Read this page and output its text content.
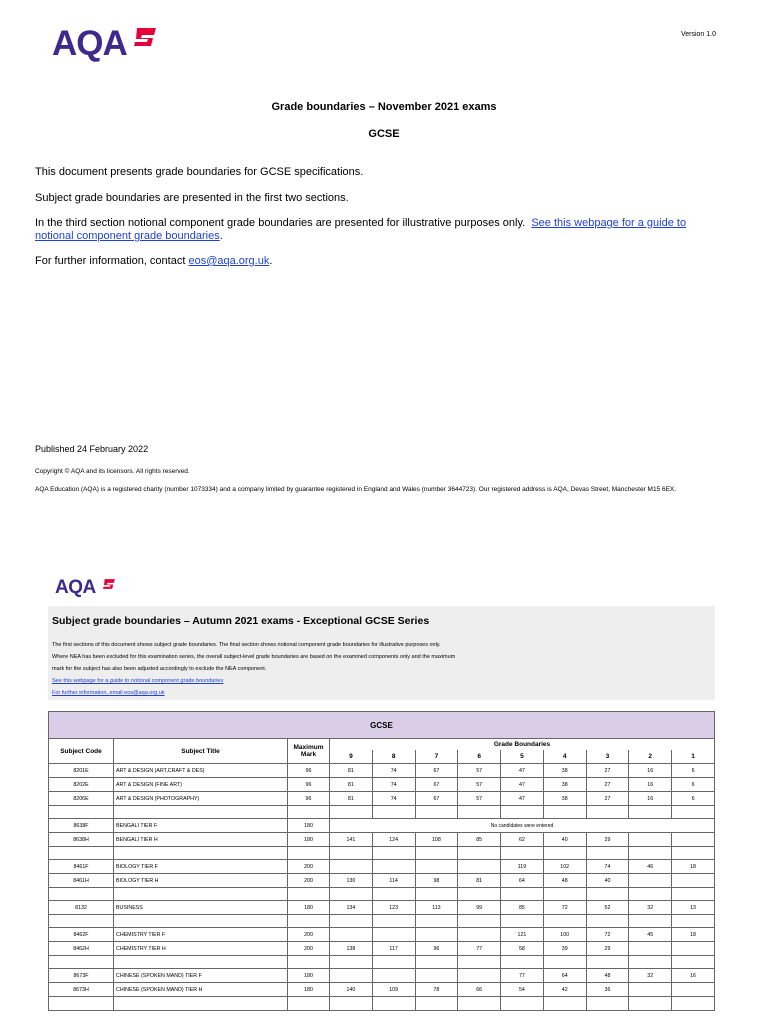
AQA	Version 1.0
Grade boundaries – November 2021 exams
GCSE
This document presents grade boundaries for GCSE specifications.
Subject grade boundaries are presented in the first two sections.
In the third section notional component grade boundaries are presented for illustrative purposes only. See this webpage for a guide to notional component grade boundaries.
For further information, contact eos@aqa.org.uk.
Published 24 February 2022
Copyright © AQA and its licensors. All rights reserved.
AQA Education (AQA) is a registered charity (number 1073334) and a company limited by guarantee registered in England and Wales (number 3644723). Our registered address is AQA, Devas Street, Manchester M15 6EX.
AQA
Subject grade boundaries – Autumn 2021 exams - Exceptional GCSE Series
The first sections of this document shows subject grade boundaries. The final section shows notional component grade boundaries for illustrative purposes only.
Where NEA has been excluded for this examination series, the overall subject-level grade boundaries are based on the examined components only and the maximum
mark for the subject has also been adjusted accordingly to exclude the NEA component.
See this webpage for a guide to notional component grade boundaries
For further information, email eos@aqa.org.uk
GCSE											
Subject Code	Subject Title	Maximum Mark	Grade Boundaries								
			9	8	7	6	5	4	3	2	1
8201E	ART & DESIGN (ART,CRAFT & DES)	96	81	74	67	57	47	38	27	16	6
8202E	ART & DESIGN (FINE ART)	96	81	74	67	57	47	38	27	16	6
8206E	ART & DESIGN (PHOTOGRAPHY)	96	81	74	67	57	47	38	27	16	6

8638F	BENGALI TIER F	180	No candidates were entered								
8638H	BENGALI TIER H	180	141	124	108	85	62	40	29		

8461F	BIOLOGY TIER F	200					119	102	74	46	18
8461H	BIOLOGY TIER H	200	130	114	98	81	64	48	40		

8132	BUSINESS	180	134	123	113	99	85	72	52	32	13

8462F	CHEMISTRY TIER F	200					121	100	72	45	18
8462H	CHEMISTRY TIER H	200	138	117	96	77	58	39	29		

8673F	CHINESE (SPOKEN MAND) TIER F	180					77	64	48	32	16
8673H	CHINESE (SPOKEN MAND) TIER H	180	140	109	78	66	54	42	36		
